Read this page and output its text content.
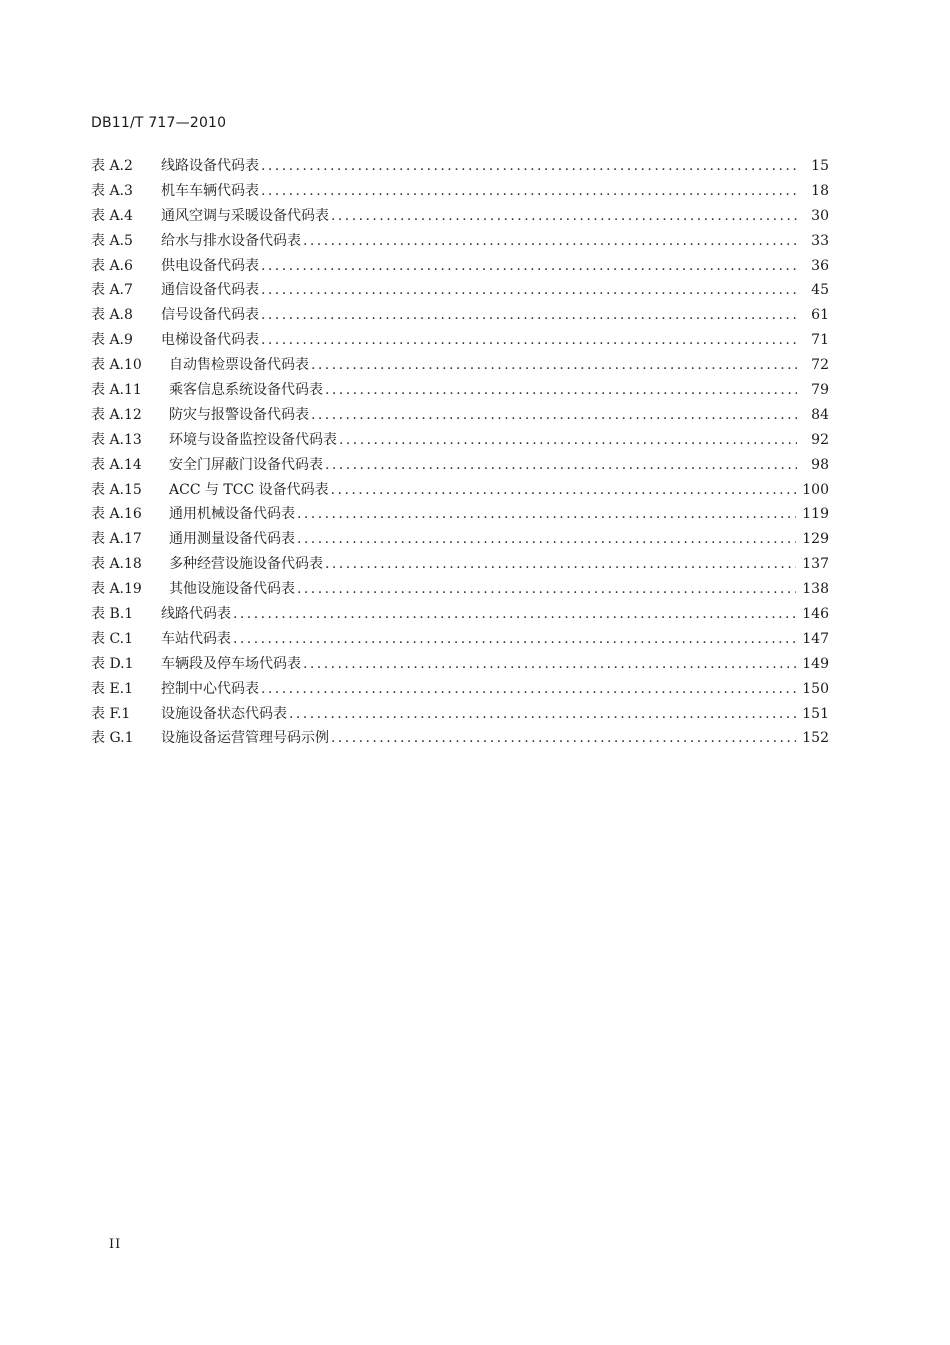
DB11/T 717—2010
表 A.2	线路设备代码表 . . .	15
表 A.3	机车车辆代码表 . . .	18
表 A.4	通风空调与采暖设备代码表 . . .	30
表 A.5	给水与排水设备代码表 . . .	33
表 A.6	供电设备代码表 . . .	36
表 A.7	通信设备代码表 . . .	45
表 A.8	信号设备代码表 . . .	61
表 A.9	电梯设备代码表 . . .	71
表 A.10	自动售检票设备代码表 . . .	72
表 A.11	乘客信息系统设备代码表 . . .	79
表 A.12	防灾与报警设备代码表 . . .	84
表 A.13	环境与设备监控设备代码表 . . .	92
表 A.14	安全门屏蔽门设备代码表 . . .	98
表 A.15	ACC 与 TCC 设备代码表 . . .	100
表 A.16	通用机械设备代码表 . . .	119
表 A.17	通用测量设备代码表 . . .	129
表 A.18	多种经营设施设备代码表 . . .	137
表 A.19	其他设施设备代码表 . . .	138
表 B.1	线路代码表 . . .	146
表 C.1	车站代码表 . . .	147
表 D.1	车辆段及停车场代码表 . . .	149
表 E.1	控制中心代码表 . . .	150
表 F.1	设施设备状态代码表 . . .	151
表 G.1	设施设备运营管理号码示例 . . .	152
II
